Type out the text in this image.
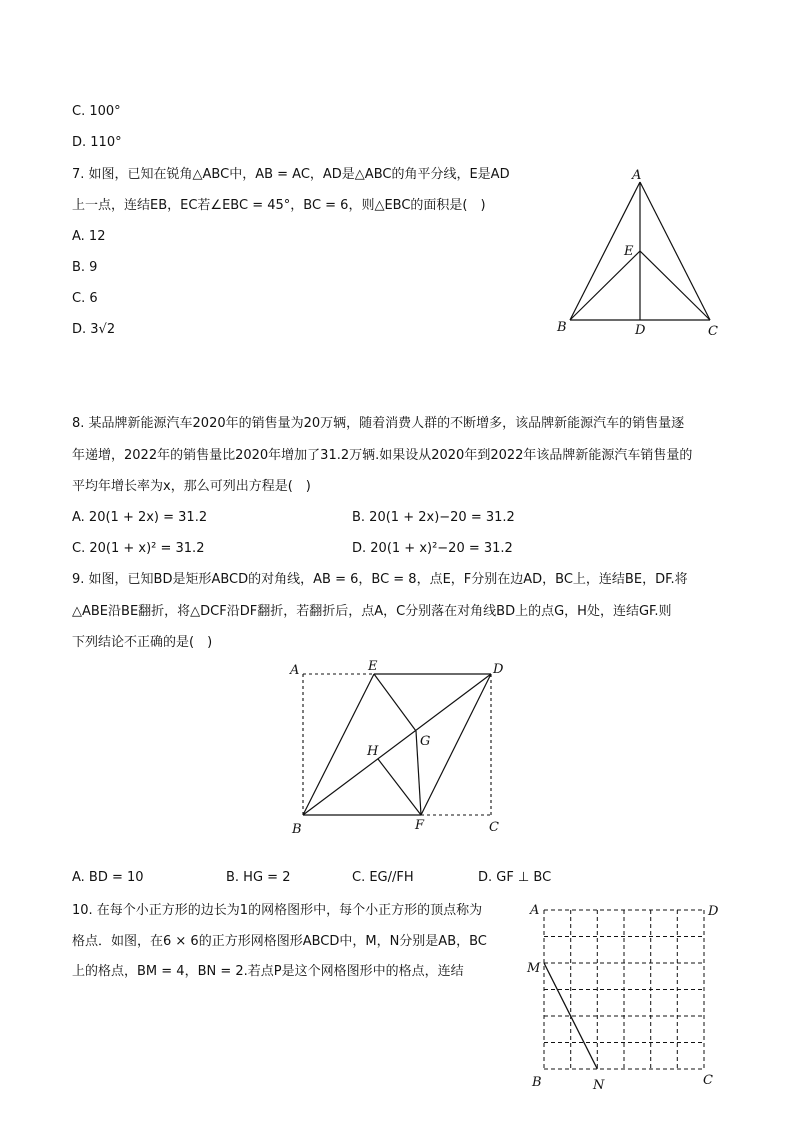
C. 100°
D. 110°
7. 如图，已知在锐角△ABC中，AB = AC，AD是△ABC的角平分线，E是AD
上一点，连结EB，EC若∠EBC = 45°，BC = 6，则△EBC的面积是(　)
A. 12
B. 9
C. 6
D. 3√2
A
E
B	D	C
8. 某品牌新能源汽车2020年的销售量为20万辆，随着消费人群的不断增多，该品牌新能源汽车的销售量逐
年递增，2022年的销售量比2020年增加了31.2万辆.如果设从2020年到2022年该品牌新能源汽车销售量的
平均年增长率为x，那么可列出方程是(　)
A. 20(1 + 2x) = 31.2	B. 20(1 + 2x)−20 = 31.2
C. 20(1 + x)² = 31.2	D. 20(1 + x)²−20 = 31.2
9. 如图，已知BD是矩形ABCD的对角线，AB = 6，BC = 8，点E，F分别在边AD，BC上，连结BE，DF.将
△ABE沿BE翻折，将△DCF沿DF翻折，若翻折后，点A，C分别落在对角线BD上的点G，H处，连结GF.则
下列结论不正确的是(　)
A	E	D
G
H
B	F	C
A. BD = 10	B. HG = 2	C. EG//FH	D. GF ⊥ BC
10. 在每个小正方形的边长为1的网格图形中，每个小正方形的顶点称为
格点．如图，在6 × 6的正方形网格图形ABCD中，M，N分别是AB，BC
上的格点，BM = 4，BN = 2.若点P是这个网格图形中的格点，连结
A	D
M
B	N	C
